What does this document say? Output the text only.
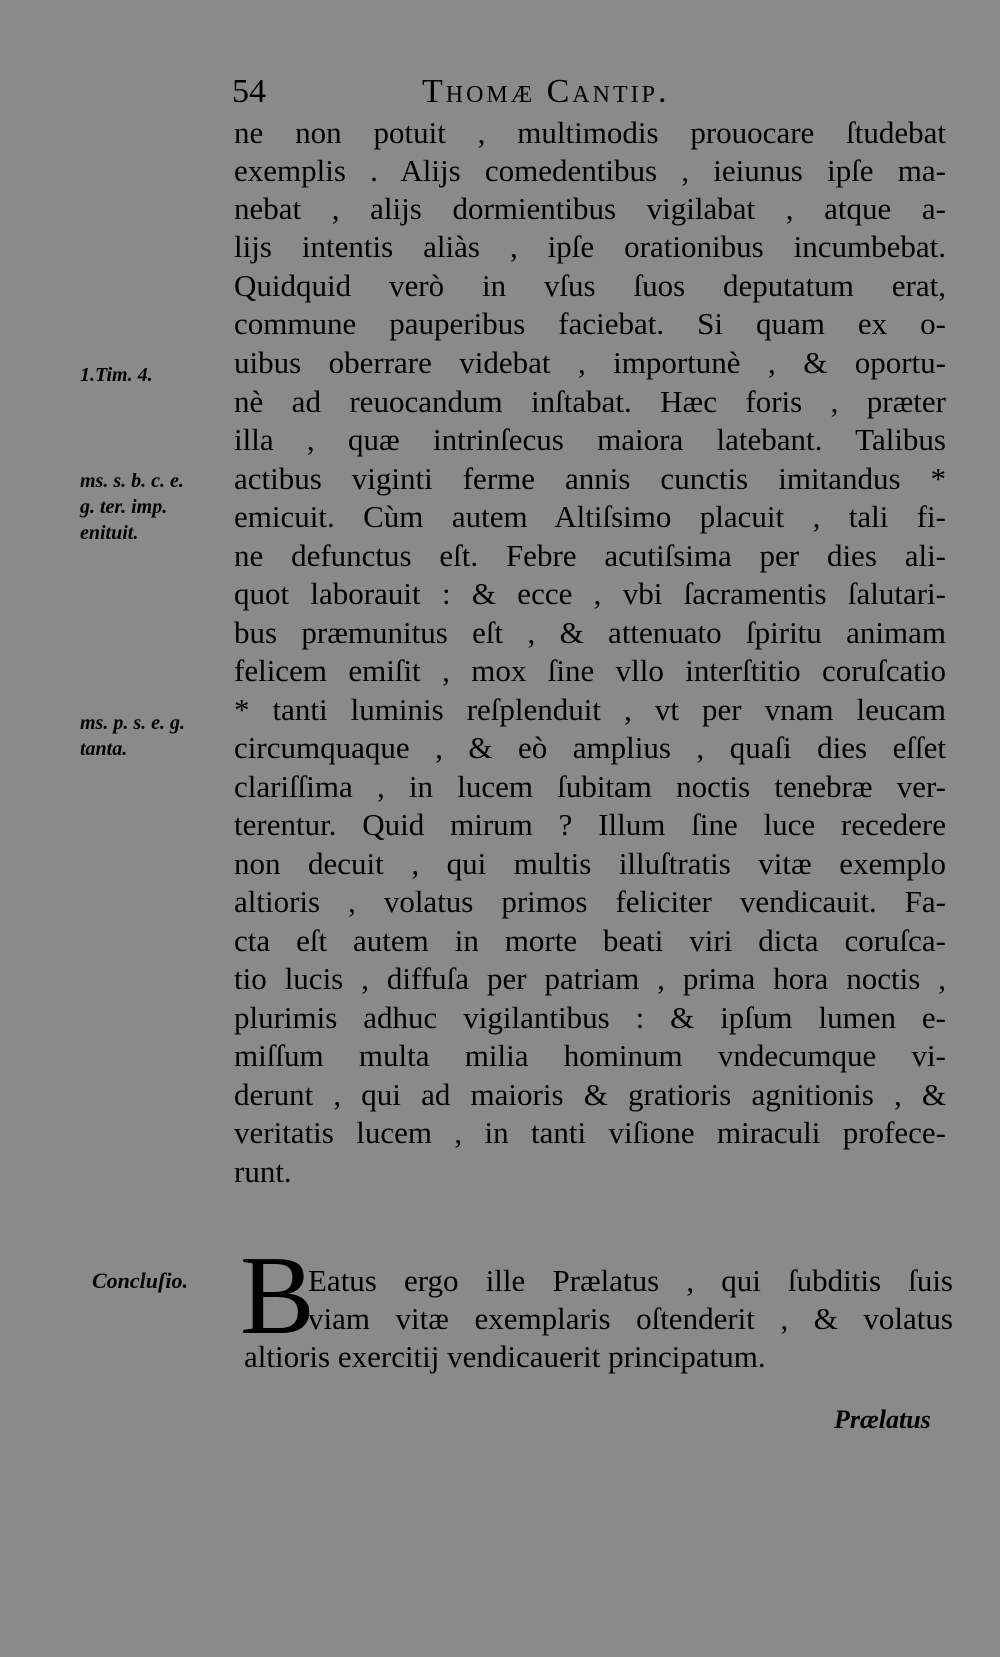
54	Thomæ Cantip.
ne non potuit , multimodis prouocare ſtudebat
exemplis . Alijs comedentibus , ieiunus ipſe ma-
nebat , alijs dormientibus vigilabat , atque a-
lijs intentis aliàs , ipſe orationibus incumbebat.
Quidquid verò in vſus ſuos deputatum erat,
commune pauperibus faciebat. Si quam ex o-
uibus oberrare videbat , importunè , & oportu-
nè ad reuocandum inſtabat. Hæc foris , præter
illa , quæ intrinſecus maiora latebant. Talibus
actibus viginti ferme annis cunctis imitandus *
emicuit. Cùm autem Altiſsimo placuit , tali fi-
ne defunctus eſt. Febre acutiſsima per dies ali-
quot laborauit : & ecce , vbi ſacramentis ſalutari-
bus præmunitus eſt , & attenuato ſpiritu animam
felicem emiſit , mox ſine vllo interſtitio coruſcatio
* tanti luminis reſplenduit , vt per vnam leucam
circumquaque , & eò amplius , quaſi dies eſſet
clariſſima , in lucem ſubitam noctis tenebræ ver-
terentur. Quid mirum ? Illum ſine luce recedere
non decuit , qui multis illuſtratis vitæ exemplo
altioris , volatus primos feliciter vendicauit. Fa-
cta eſt autem in morte beati viri dicta coruſca-
tio lucis , diffuſa per patriam , prima hora noctis ,
plurimis adhuc vigilantibus : & ipſum lumen e-
miſſum multa milia hominum vndecumque vi-
derunt , qui ad maioris & gratioris agnitionis , &
veritatis lucem , in tanti viſione miraculi profece-
runt.
1.Tim. 4.
ms. s. b. c. e.
g. ter. imp.
enituit.
ms. p. s. e. g.
tanta.
Concluſio. B
Eatus ergo ille Prælatus , qui ſubditis ſuis
viam vitæ exemplaris oſtenderit , & volatus
altioris exercitij vendicauerit principatum.
Prælatus
